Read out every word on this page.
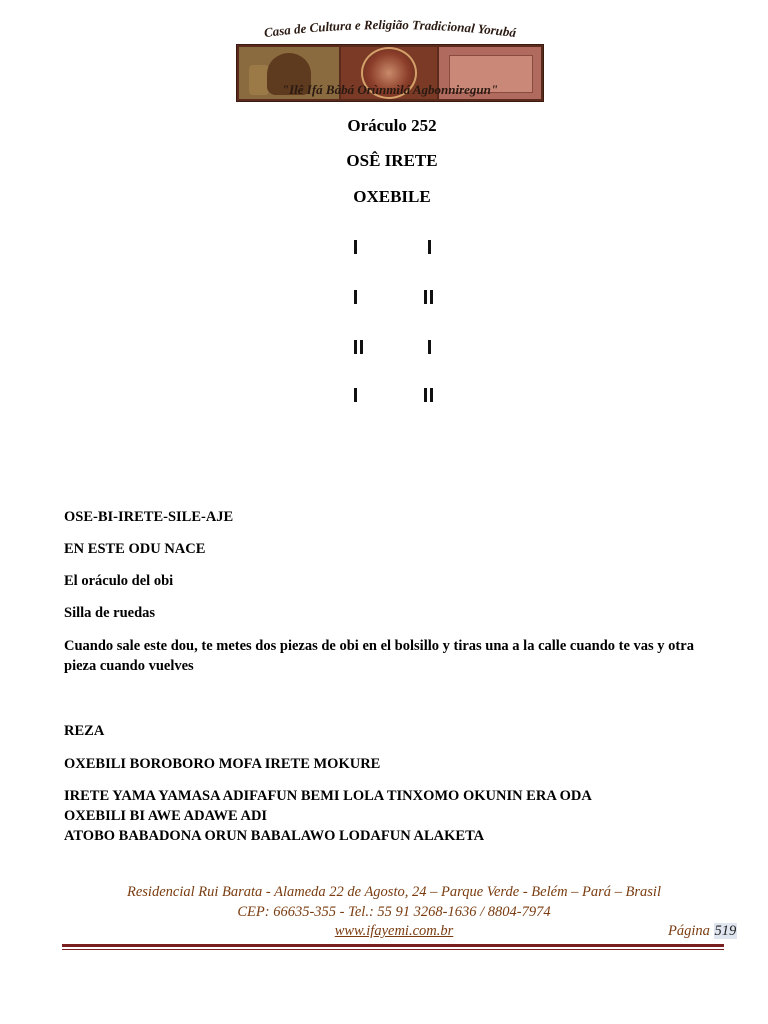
Casa de Cultura e Religião Tradicional Yorubá
"Ilê Ifá Bàbá Orùnmìlá Agbonniregun"
Oráculo 252
OSÊ IRETE
OXEBILE
OSE-BI-IRETE-SILE-AJE
EN ESTE ODU NACE
El oráculo del obi
Silla de ruedas
Cuando sale este dou, te metes dos piezas de obi en el bolsillo y tiras una a la calle cuando te vas y otra pieza cuando vuelves
REZA
OXEBILI BOROBORO MOFA IRETE MOKURE
IRETE YAMA YAMASA ADIFAFUN BEMI LOLA TINXOMO OKUNIN ERA ODA
OXEBILI BI AWE ADAWE ADI
ATOBO BABADONA ORUN BABALAWO LODAFUN ALAKETA
Residencial Rui Barata - Alameda 22 de Agosto, 24 – Parque Verde - Belém – Pará – Brasil
CEP: 66635-355 - Tel.: 55 91 3268-1636 / 8804-7974
www.ifayemi.com.br	Página 519
